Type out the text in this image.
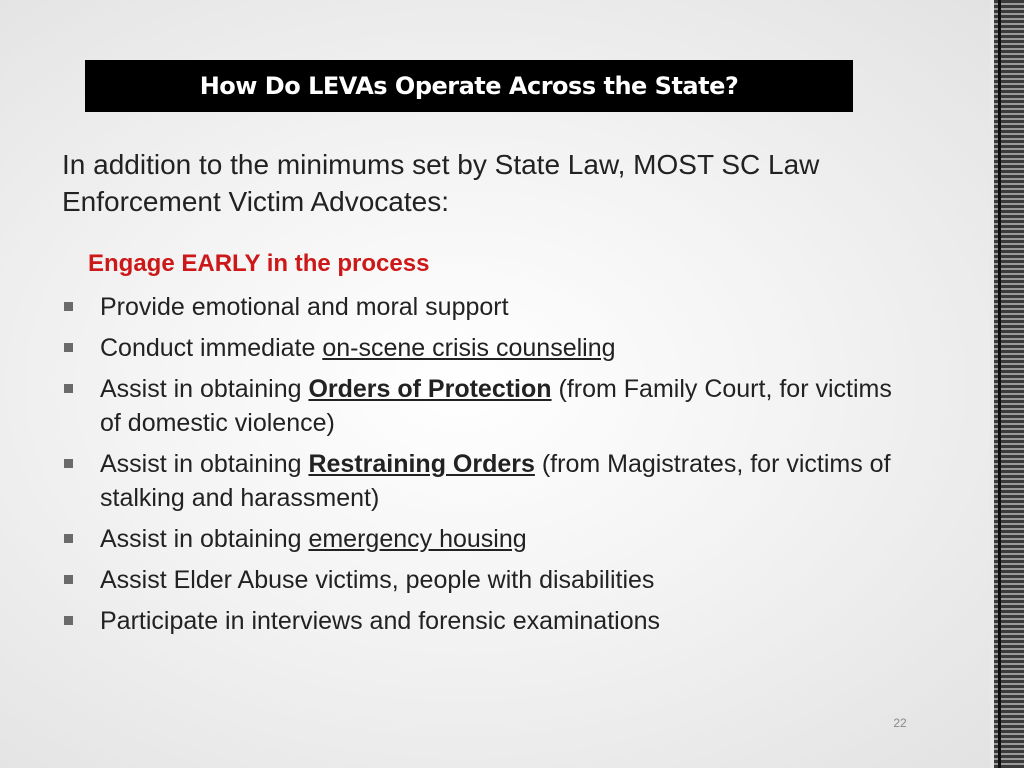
How Do LEVAs Operate Across the State?
In addition to the minimums set by State Law, MOST SC Law Enforcement Victim Advocates:
Engage EARLY in the process
Provide emotional and moral support
Conduct immediate on-scene crisis counseling
Assist in obtaining Orders of Protection (from Family Court, for victims of domestic violence)
Assist in obtaining Restraining Orders (from Magistrates, for victims of stalking and harassment)
Assist in obtaining emergency housing
Assist Elder Abuse victims, people with disabilities
Participate in interviews and forensic examinations
22
